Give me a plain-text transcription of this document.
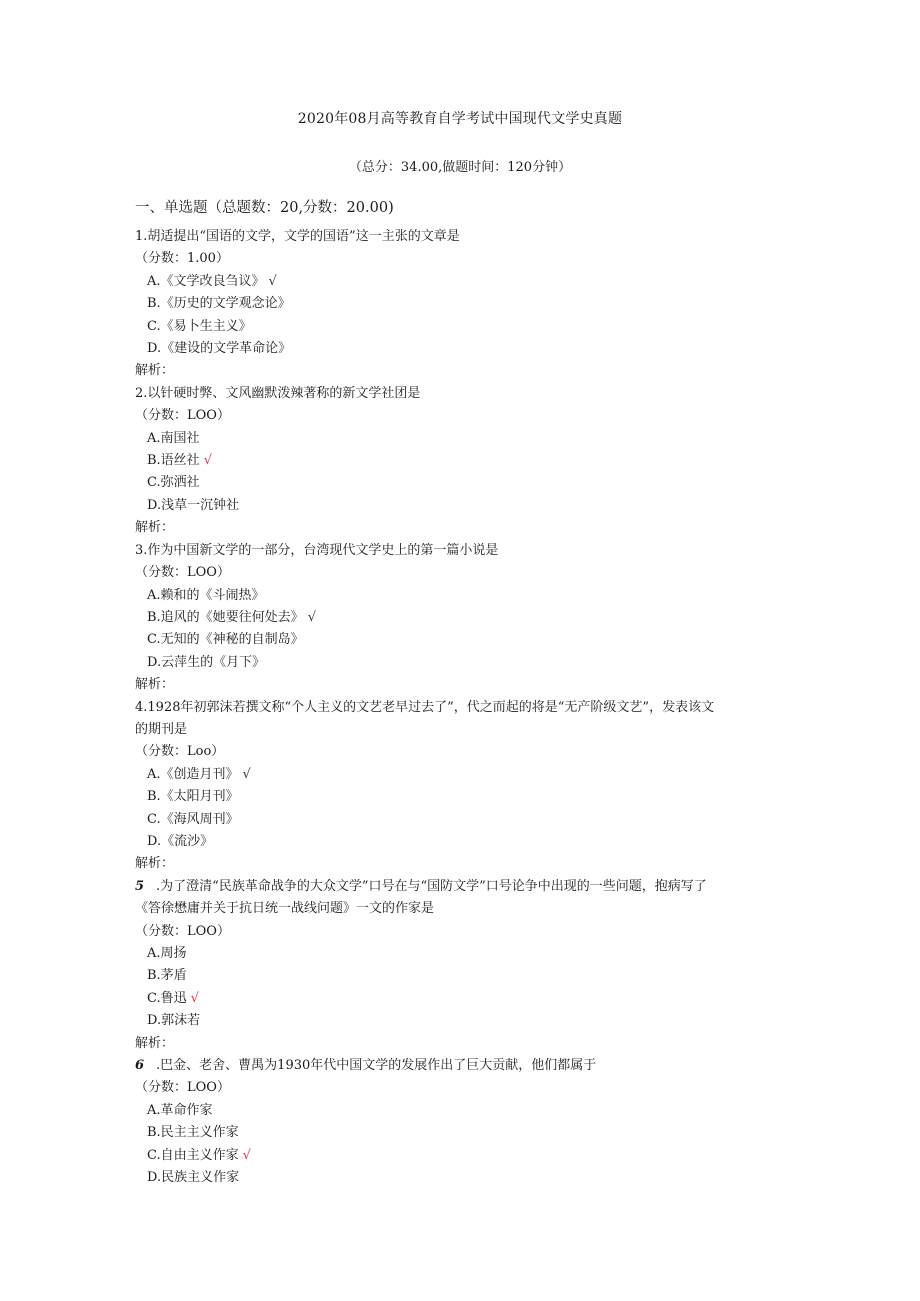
2020年08月高等教育自学考试中国现代文学史真题
（总分：34.00,做题时间：120分钟）
一、单选题（总题数：20,分数：20.00)

1.胡适提出“国语的文学，文学的国语”这一主张的文章是

（分数：1.00）

A.《文学改良刍议》 √

B.《历史的文学观念论》

C.《易卜生主义》

D.《建设的文学革命论》

解析：

2.以针硬时弊、文风幽默泼辣著称的新文学社团是

（分数：LOO）

A.南国社

B.语丝社 √

C.弥洒社

D.浅草一沉钟社

解析：

3.作为中国新文学的一部分，台湾现代文学史上的第一篇小说是

（分数：LOO）

A.赖和的《斗闹热》

B.追风的《她要往何处去》 √

C.无知的《神秘的自制岛》

D.云萍生的《月下》

解析：

4.1928年初郭沫若撰文称“个人主义的文艺老早过去了”，代之而起的将是“无产阶级文艺”，发表该文

的期刊是

（分数：Loo）

A.《创造月刊》 √

B.《太阳月刊》

C.《海风周刊》

D.《流沙》

解析：

5 .为了澄清“民族革命战争的大众文学”口号在与“国防文学”口号论争中出现的一些问题，抱病写了

《答徐懋庸并关于抗日统一战线问题》一文的作家是

（分数：LOO）

A.周扬

B.茅盾

C.鲁迅 √

D.郭沫若

解析：

6 .巴金、老舍、曹禺为1930年代中国文学的发展作出了巨大贡献，他们都属于

（分数：LOO）

A.革命作家

B.民主主义作家

C.自由主义作家 √

D.民族主义作家
